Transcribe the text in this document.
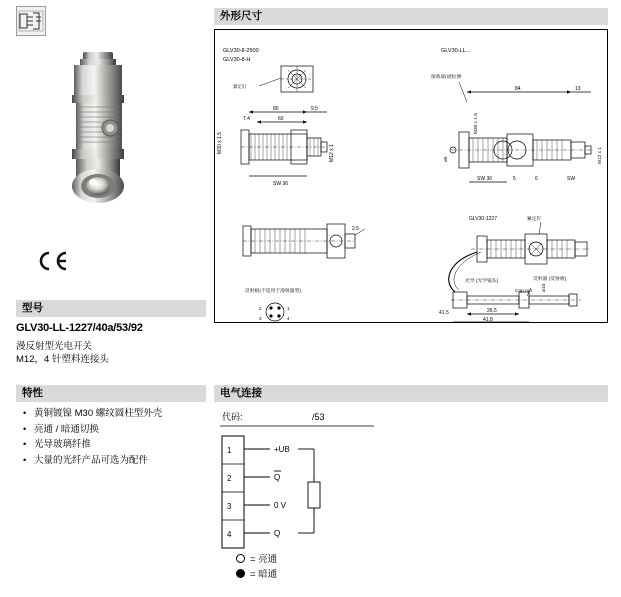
型号
GLV30-LL-1227/40a/53/92
漫反射型光电开关
M12，4 针塑料连接头
特性
• 黄铜镀镍 M30 螺纹圆柱型外壳
• 亮通 / 暗通切换
• 光导玻璃纤推
• 大量的光纤产品可选为配件
外形尺寸
GLV30-8-2500
GLV30-8-H
GLV30-LL...
紧定钉
80	9.5
60
7.4
M30 x 1.5	M12 x 1
SW 36
2.5
反射板(不适用于漫射器型)
2
3
1
4
接收/取谱检测
84	13
ø5
M30 x 1.5
M12 x 1
SW 36	6	SW
5
GLV30-1227	紧定钉
光导 (光学镜头)	反射器 (反射板)
Cap nut ø10
26.5
41.8
41.5
电气连接
代码:	/53
1
2
3
4
+UB
Q
0 V
Q
= 亮通
= 暗通
